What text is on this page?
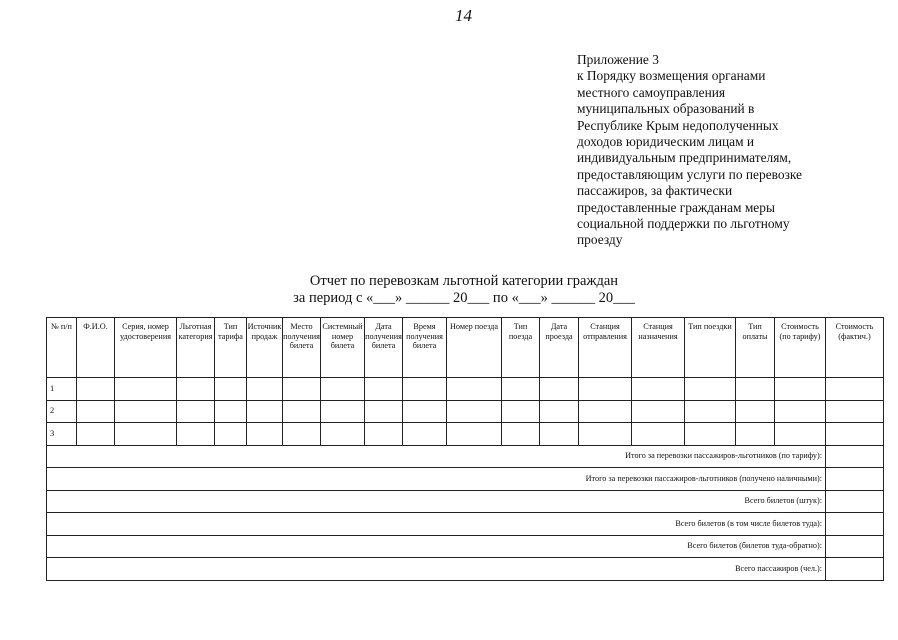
14
Приложение 3
к Порядку возмещения органами
местного самоуправления
муниципальных образований в
Республике Крым недополученных
доходов юридическим лицам и
индивидуальным предпринимателям,
предоставляющим услуги по перевозке
пассажиров, за фактически
предоставленные гражданам меры
социальной поддержки по льготному
проезду
Отчет по перевозкам льготной категории граждан
за период с «___» ______ 20___ по «___» ______ 20___
№ п/п	Ф.И.О.	Серия, номер удостоверения	Льготная категория	Тип тарифа	Источник продаж	Место получения билета	Системный номер билета	Дата получения билета	Время получения билета	Номер поезда	Тип поезда	Дата проезда	Станция отправления	Станция назначения	Тип поездки	Тип оплаты	Стоимость (по тарифу)	Стоимость (фактич.)
1																		
2																		
3																		
Итого за перевозки пассажиров-льготников (по тарифу):																		
Итого за перевозки пассажиров-льготников (получено наличными):																		
Всего билетов (штук):																		
Всего билетов (в том числе билетов туда):																		
Всего билетов (билетов туда-обратно):																		
Всего пассажиров (чел.):																		
